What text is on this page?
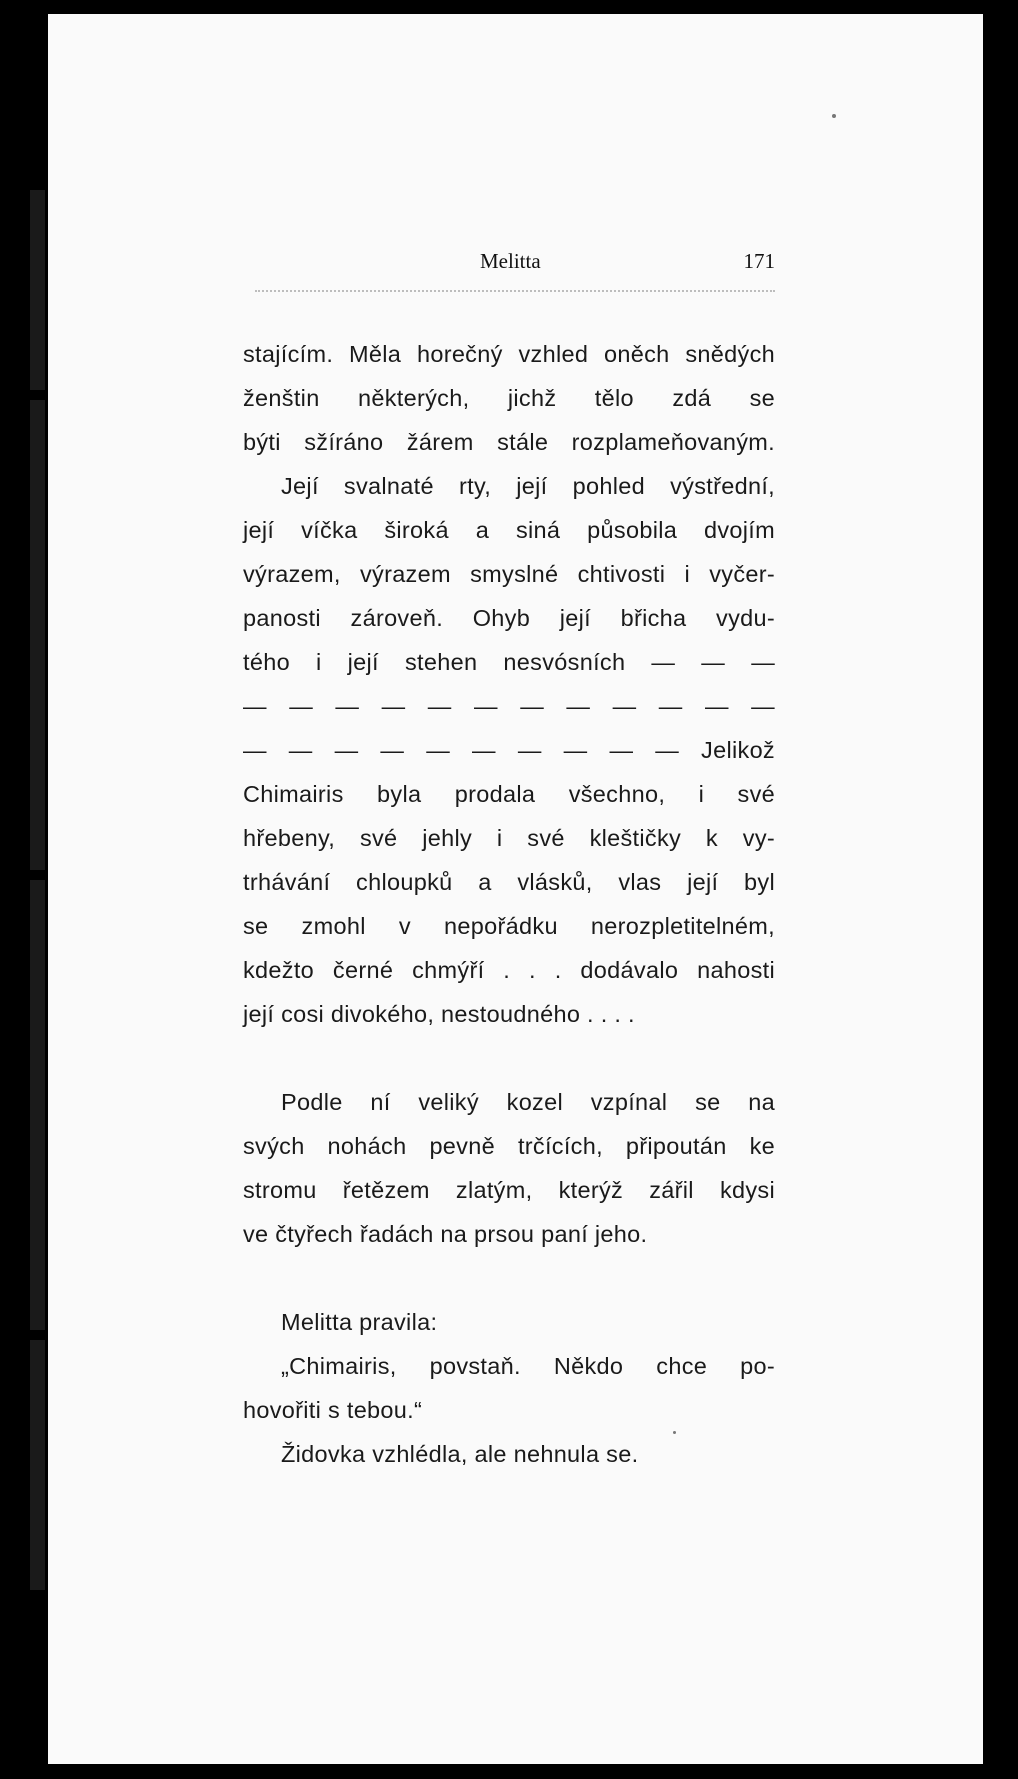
Melitta	171
stajícím. Měla horečný vzhled oněch snědých
ženštin některých, jichž tělo zdá se
býti sžíráno žárem stále rozplameňovaným.
Její svalnaté rty, její pohled výstřední,
její víčka široká a siná působila dvojím
výrazem, výrazem smyslné chtivosti i vyčer-
panosti zároveň. Ohyb její břicha vydu-
tého i její stehen nesvósních — — —
— — — — — — — — — — — —
— — — — — — — — — — Jelikož
Chimairis byla prodala všechno, i své
hřebeny, své jehly i své kleštičky k vy-
trhávání chloupků a vlásků, vlas její byl
se zmohl v nepořádku nerozpletitelném,
kdežto černé chmýří . . . dodávalo nahosti
její cosi divokého, nestoudného . . . .
Podle ní veliký kozel vzpínal se na
svých nohách pevně trčících, připoután ke
stromu řetězem zlatým, kterýž zářil kdysi
ve čtyřech řadách na prsou paní jeho.
Melitta pravila:
„Chimairis, povstaň. Někdo chce po-
hovořiti s tebou.“
Židovka vzhlédla, ale nehnula se.
